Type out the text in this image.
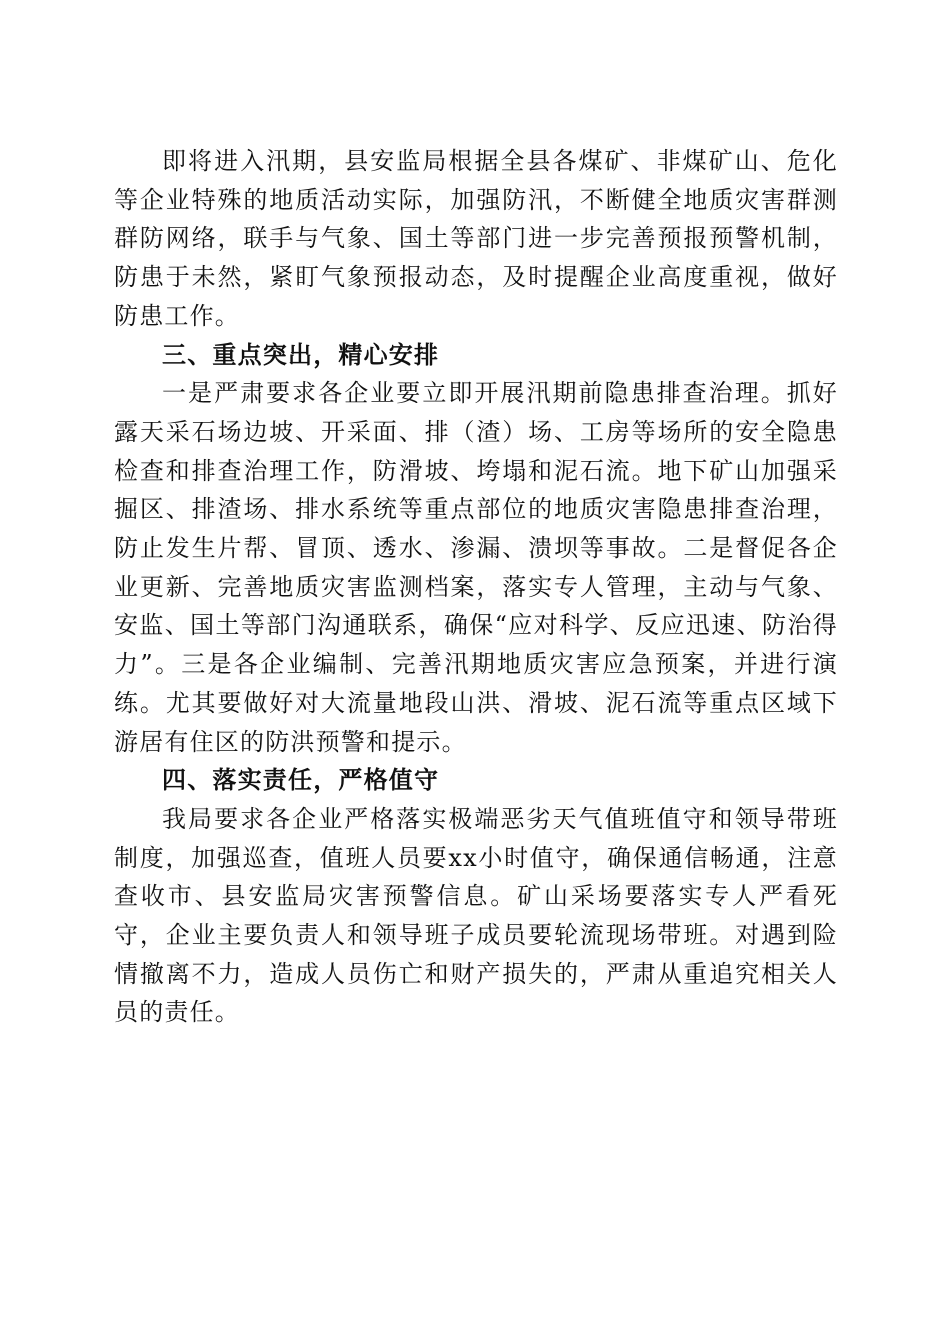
即将进入汛期，县安监局根据全县各煤矿、非煤矿山、危化等企业特殊的地质活动实际，加强防汛，不断健全地质灾害群测群防网络，联手与气象、国土等部门进一步完善预报预警机制，防患于未然，紧盯气象预报动态，及时提醒企业高度重视，做好防患工作。

三、重点突出，精心安排

一是严肃要求各企业要立即开展汛期前隐患排查治理。抓好露天采石场边坡、开采面、排（渣）场、工房等场所的安全隐患检查和排查治理工作，防滑坡、垮塌和泥石流。地下矿山加强采掘区、排渣场、排水系统等重点部位的地质灾害隐患排查治理，防止发生片帮、冒顶、透水、渗漏、溃坝等事故。二是督促各企业更新、完善地质灾害监测档案，落实专人管理，主动与气象、安监、国土等部门沟通联系，确保“应对科学、反应迅速、防治得力”。三是各企业编制、完善汛期地质灾害应急预案，并进行演练。尤其要做好对大流量地段山洪、滑坡、泥石流等重点区域下游居有住区的防洪预警和提示。

四、落实责任，严格值守

我局要求各企业严格落实极端恶劣天气值班值守和领导带班制度，加强巡查，值班人员要xx小时值守，确保通信畅通，注意查收市、县安监局灾害预警信息。矿山采场要落实专人严看死守，企业主要负责人和领导班子成员要轮流现场带班。对遇到险情撤离不力，造成人员伤亡和财产损失的，严肃从重追究相关人员的责任。
